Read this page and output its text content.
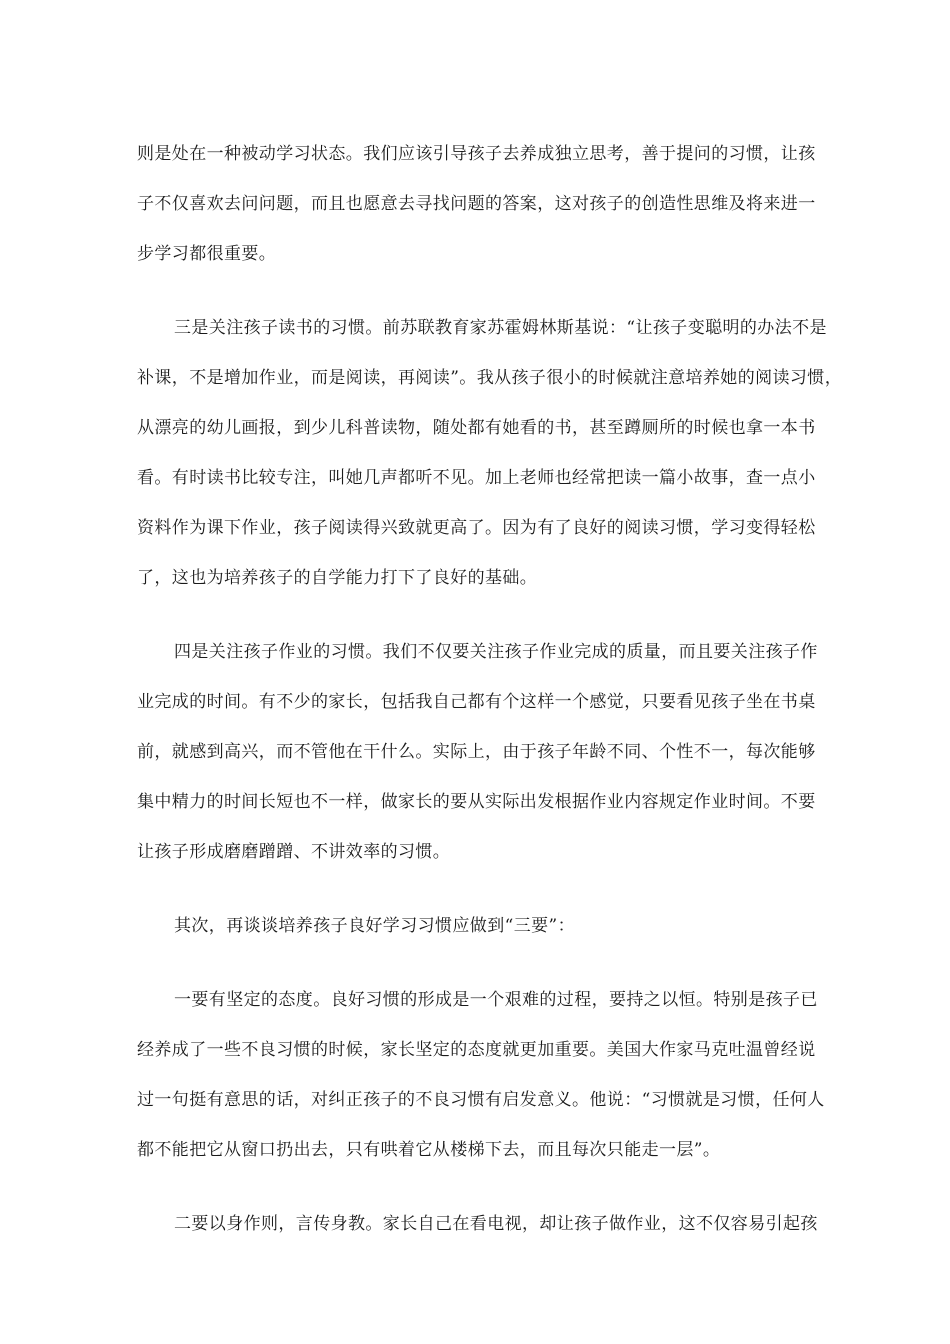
则是处在一种被动学习状态。我们应该引导孩子去养成独立思考，善于提问的习惯，让孩
子不仅喜欢去问问题，而且也愿意去寻找问题的答案，这对孩子的创造性思维及将来进一
步学习都很重要。
三是关注孩子读书的习惯。前苏联教育家苏霍姆林斯基说：“让孩子变聪明的办法不是
补课，不是增加作业，而是阅读，再阅读”。我从孩子很小的时候就注意培养她的阅读习惯，
从漂亮的幼儿画报，到少儿科普读物，随处都有她看的书，甚至蹲厕所的时候也拿一本书
看。有时读书比较专注，叫她几声都听不见。加上老师也经常把读一篇小故事，查一点小
资料作为课下作业，孩子阅读得兴致就更高了。因为有了良好的阅读习惯，学习变得轻松
了，这也为培养孩子的自学能力打下了良好的基础。
四是关注孩子作业的习惯。我们不仅要关注孩子作业完成的质量，而且要关注孩子作
业完成的时间。有不少的家长，包括我自己都有个这样一个感觉，只要看见孩子坐在书桌
前，就感到高兴，而不管他在干什么。实际上，由于孩子年龄不同、个性不一，每次能够
集中精力的时间长短也不一样，做家长的要从实际出发根据作业内容规定作业时间。不要
让孩子形成磨磨蹭蹭、不讲效率的习惯。
其次，再谈谈培养孩子良好学习习惯应做到“三要”：
一要有坚定的态度。良好习惯的形成是一个艰难的过程，要持之以恒。特别是孩子已
经养成了一些不良习惯的时候，家长坚定的态度就更加重要。美国大作家马克吐温曾经说
过一句挺有意思的话，对纠正孩子的不良习惯有启发意义。他说：“习惯就是习惯，任何人
都不能把它从窗口扔出去，只有哄着它从楼梯下去，而且每次只能走一层”。
二要以身作则，言传身教。家长自己在看电视，却让孩子做作业，这不仅容易引起孩
